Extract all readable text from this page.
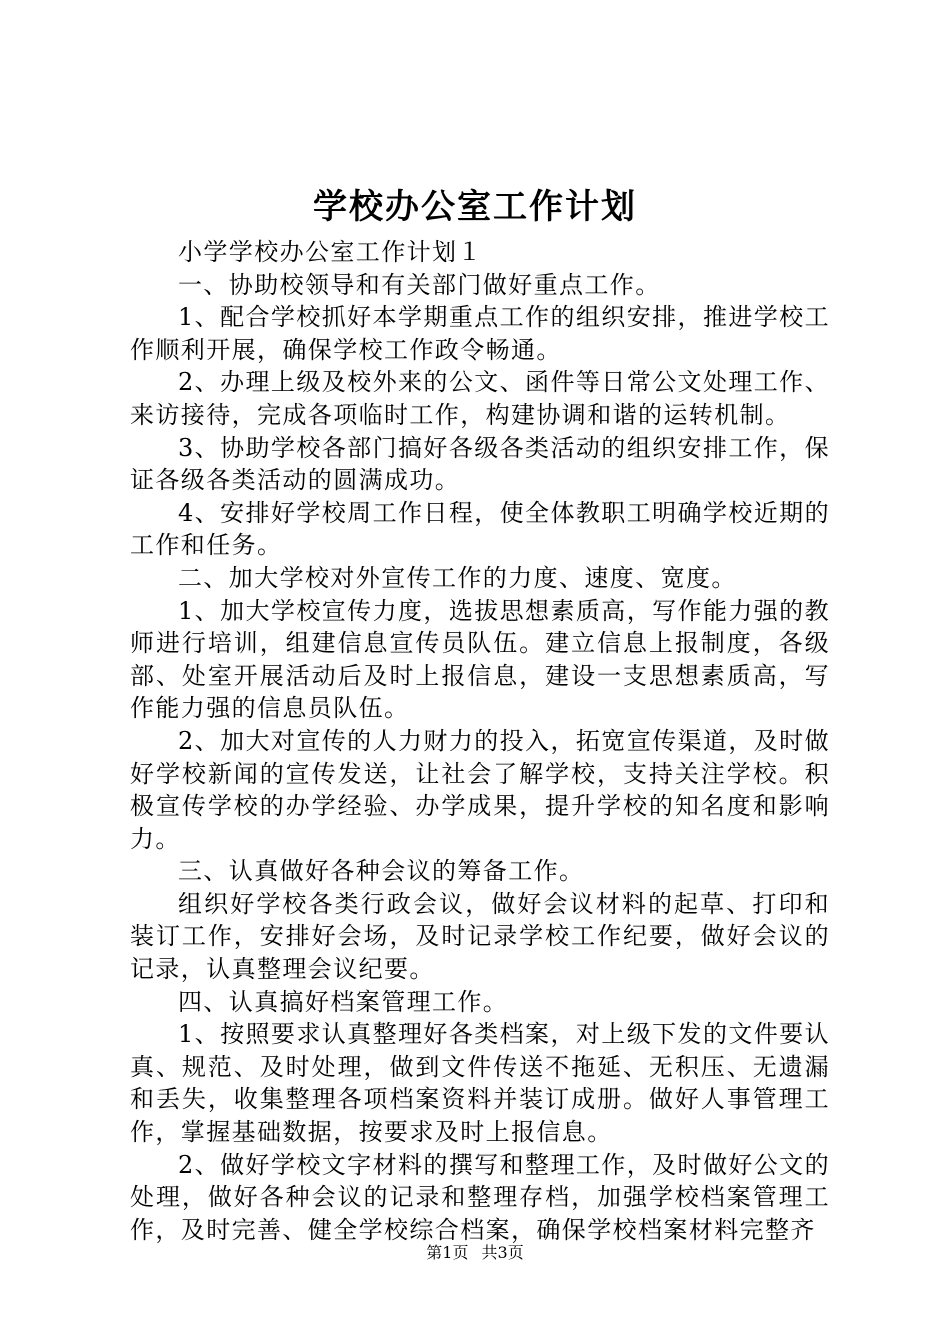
学校办公室工作计划

小学学校办公室工作计划１

一、协助校领导和有关部门做好重点工作。

1、配合学校抓好本学期重点工作的组织安排，推进学校工作顺利开展，确保学校工作政令畅通。

2、办理上级及校外来的公文、函件等日常公文处理工作、来访接待，完成各项临时工作，构建协调和谐的运转机制。

3、协助学校各部门搞好各级各类活动的组织安排工作，保证各级各类活动的圆满成功。

4、安排好学校周工作日程，使全体教职工明确学校近期的工作和任务。

二、加大学校对外宣传工作的力度、速度、宽度。

1、加大学校宣传力度，选拔思想素质高，写作能力强的教师进行培训，组建信息宣传员队伍。建立信息上报制度，各级部、处室开展活动后及时上报信息，建设一支思想素质高，写作能力强的信息员队伍。

2、加大对宣传的人力财力的投入，拓宽宣传渠道，及时做好学校新闻的宣传发送，让社会了解学校，支持关注学校。积极宣传学校的办学经验、办学成果，提升学校的知名度和影响力。

三、认真做好各种会议的筹备工作。

组织好学校各类行政会议，做好会议材料的起草、打印和装订工作，安排好会场，及时记录学校工作纪要，做好会议的记录，认真整理会议纪要。

四、认真搞好档案管理工作。

1、按照要求认真整理好各类档案，对上级下发的文件要认真、规范、及时处理，做到文件传送不拖延、无积压、无遗漏和丢失，收集整理各项档案资料并装订成册。做好人事管理工作，掌握基础数据，按要求及时上报信息。

2、做好学校文字材料的撰写和整理工作，及时做好公文的处理，做好各种会议的记录和整理存档，加强学校档案管理工作，及时完善、健全学校综合档案，确保学校档案材料完整齐

第1页 共3页
